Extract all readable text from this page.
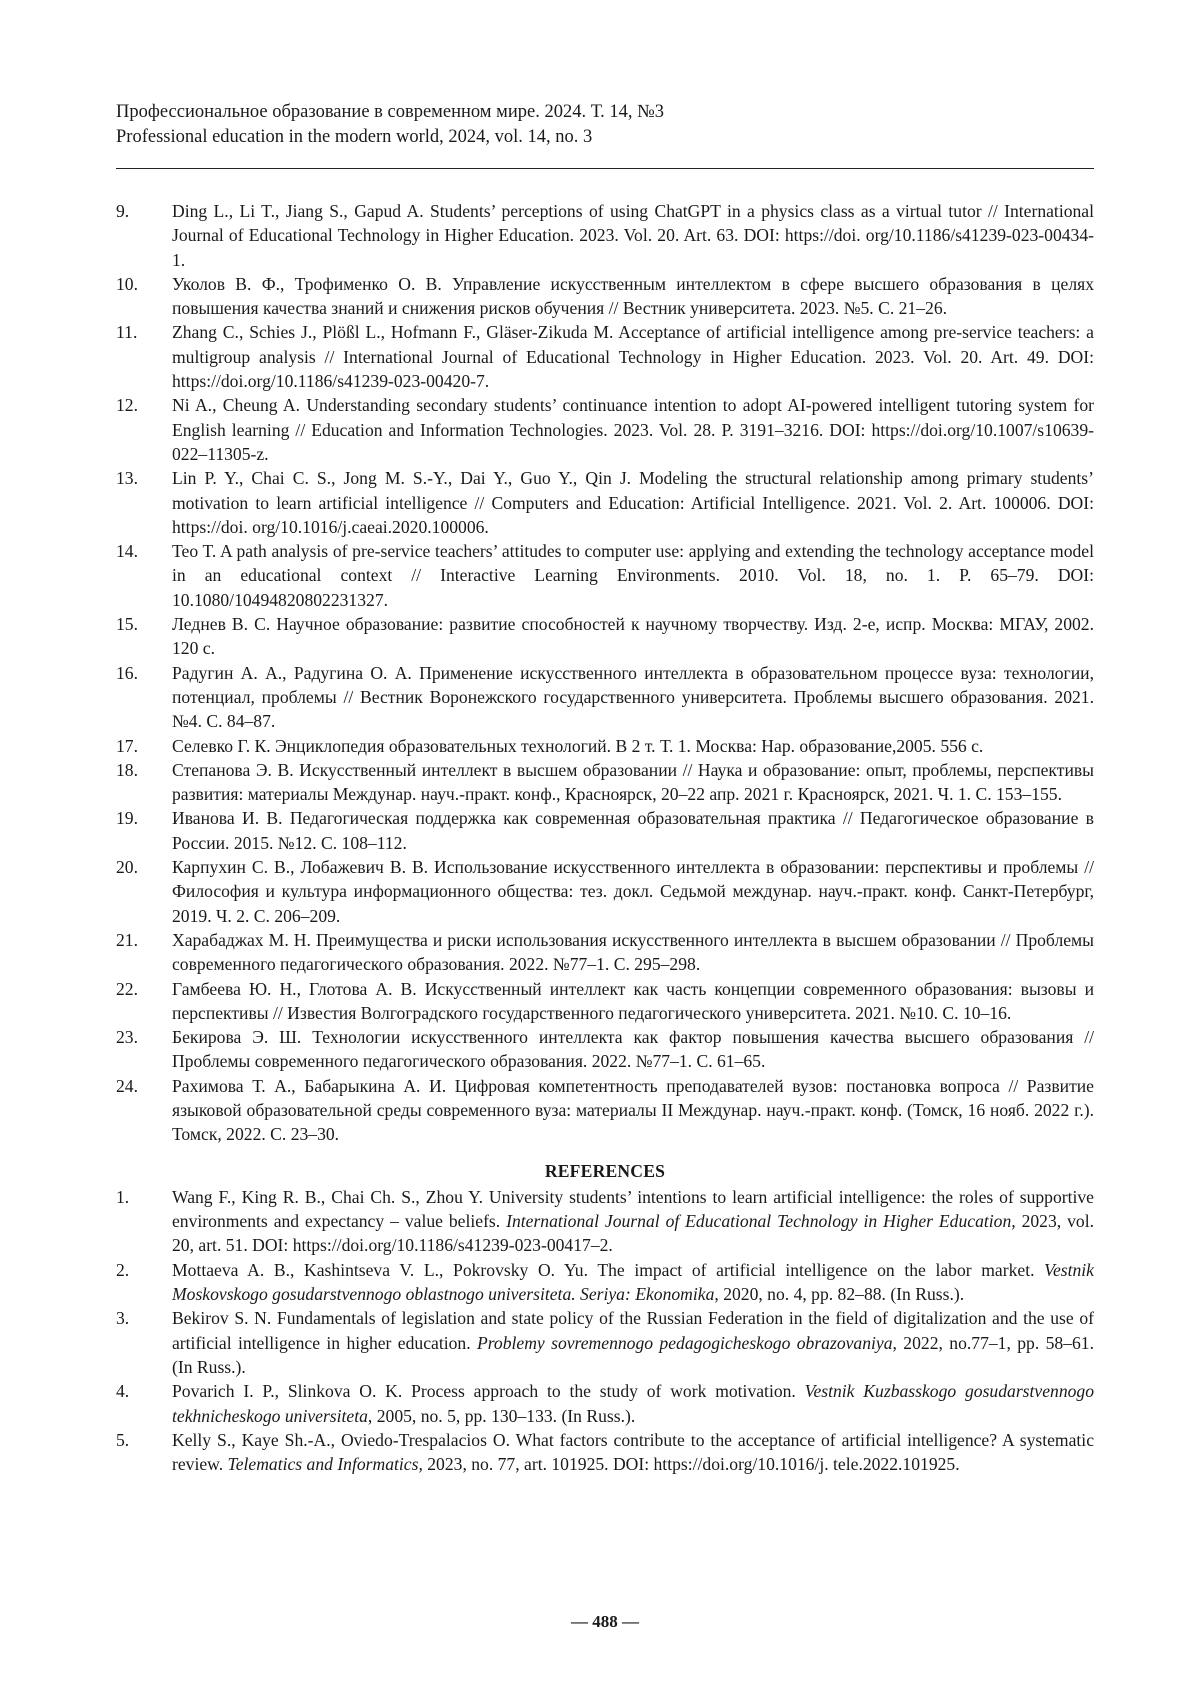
Профессиональное образование в современном мире. 2024. Т. 14, №3
Professional education in the modern world, 2024, vol. 14, no. 3

9.	Ding L., Li T., Jiang S., Gapud A. Students’ perceptions of using ChatGPT in a physics class as a virtual tutor // International Journal of Educational Technology in Higher Education. 2023. Vol. 20. Art. 63. DOI: https://doi. org/10.1186/s41239-023-00434-1.

10.	Уколов В. Ф., Трофименко О. В. Управление искусственным интеллектом в сфере высшего образования в целях повышения качества знаний и снижения рисков обучения // Вестник университета. 2023. №5. С. 21–26.

11.	Zhang C., Schies J., Plößl L., Hofmann F., Gläser-Zikuda M. Acceptance of artificial intelligence among pre-service teachers: a multigroup analysis // International Journal of Educational Technology in Higher Education. 2023. Vol. 20. Art. 49. DOI: https://doi.org/10.1186/s41239-023-00420-7.

12.	Ni A., Cheung A. Understanding secondary students’ continuance intention to adopt AI-powered intelligent tutoring system for English learning // Education and Information Technologies. 2023. Vol. 28. P. 3191–3216. DOI: https://doi.org/10.1007/s10639-022–11305-z.

13.	Lin P. Y., Chai C. S., Jong M. S.-Y., Dai Y., Guo Y., Qin J. Modeling the structural relationship among primary students’ motivation to learn artificial intelligence // Computers and Education: Artificial Intelligence. 2021. Vol. 2. Art. 100006. DOI: https://doi. org/10.1016/j.caeai.2020.100006.

14.	Teo T. A path analysis of pre-service teachers’ attitudes to computer use: applying and extending the technology acceptance model in an educational context // Interactive Learning Environments. 2010. Vol. 18, no. 1. P. 65–79. DOI: 10.1080/10494820802231327.

15.	Леднев В. С. Научное образование: развитие способностей к научному творчеству. Изд. 2-е, испр. Москва: МГАУ, 2002. 120 с.

16.	Радугин А. А., Радугина О. А. Применение искусственного интеллекта в образовательном процессе вуза: технологии, потенциал, проблемы // Вестник Воронежского государственного университета. Проблемы высшего образования. 2021. №4. С. 84–87.

17.	Селевко Г. К. Энциклопедия образовательных технологий. В 2 т. Т. 1. Москва: Нар. образование,2005. 556 с.

18.	Степанова Э. В. Искусственный интеллект в высшем образовании // Наука и образование: опыт, проблемы, перспективы развития: материалы Междунар. науч.-практ. конф., Красноярск, 20–22 апр. 2021 г. Красноярск, 2021. Ч. 1. С. 153–155.

19.	Иванова И. В. Педагогическая поддержка как современная образовательная практика // Педагогическое образование в России. 2015. №12. С. 108–112.

20.	Карпухин С. В., Лобажевич В. В. Использование искусственного интеллекта в образовании: перспективы и проблемы // Философия и культура информационного общества: тез. докл. Седьмой междунар. науч.-практ. конф. Санкт-Петербург, 2019. Ч. 2. С. 206–209.

21.	Харабаджах М. Н. Преимущества и риски использования искусственного интеллекта в высшем образовании // Проблемы современного педагогического образования. 2022. №77–1. С. 295–298.

22.	Гамбеева Ю. Н., Глотова А. В. Искусственный интеллект как часть концепции современного образования: вызовы и перспективы // Известия Волгоградского государственного педагогического университета. 2021. №10. С. 10–16.

23.	Бекирова Э. Ш. Технологии искусственного интеллекта как фактор повышения качества высшего образования // Проблемы современного педагогического образования. 2022. №77–1. С. 61–65.

24.	Рахимова Т. А., Бабарыкина А. И. Цифровая компетентность преподавателей вузов: постановка вопроса // Развитие языковой образовательной среды современного вуза: материалы II Междунар. науч.-практ. конф. (Томск, 16 нояб. 2022 г.). Томск, 2022. С. 23–30.

REFERENCES

1.	Wang F., King R. B., Chai Ch. S., Zhou Y. University students’ intentions to learn artificial intelligence: the roles of supportive environments and expectancy – value beliefs. International Journal of Educational Technology in Higher Education, 2023, vol. 20, art. 51. DOI: https://doi.org/10.1186/s41239-023-00417–2.

2.	Mottaeva A. B., Kashintseva V. L., Pokrovsky O. Yu. The impact of artificial intelligence on the labor market. Vestnik Moskovskogo gosudarstvennogo oblastnogo universiteta. Seriya: Ekonomika, 2020, no. 4, pp. 82–88. (In Russ.).

3.	Bekirov S. N. Fundamentals of legislation and state policy of the Russian Federation in the field of digitalization and the use of artificial intelligence in higher education. Problemy sovremennogo pedagogicheskogo obrazovaniya, 2022, no.77–1, pp. 58–61. (In Russ.).

4.	Povarich I. P., Slinkova O. K. Process approach to the study of work motivation. Vestnik Kuzbasskogo gosudarstvennogo tekhnicheskogo universiteta, 2005, no. 5, pp. 130–133. (In Russ.).

5.	Kelly S., Kaye Sh.-A., Oviedo-Trespalacios O. What factors contribute to the acceptance of artificial intelligence? A systematic review. Telematics and Informatics, 2023, no. 77, art. 101925. DOI: https://doi.org/10.1016/j. tele.2022.101925.

— 488 —
